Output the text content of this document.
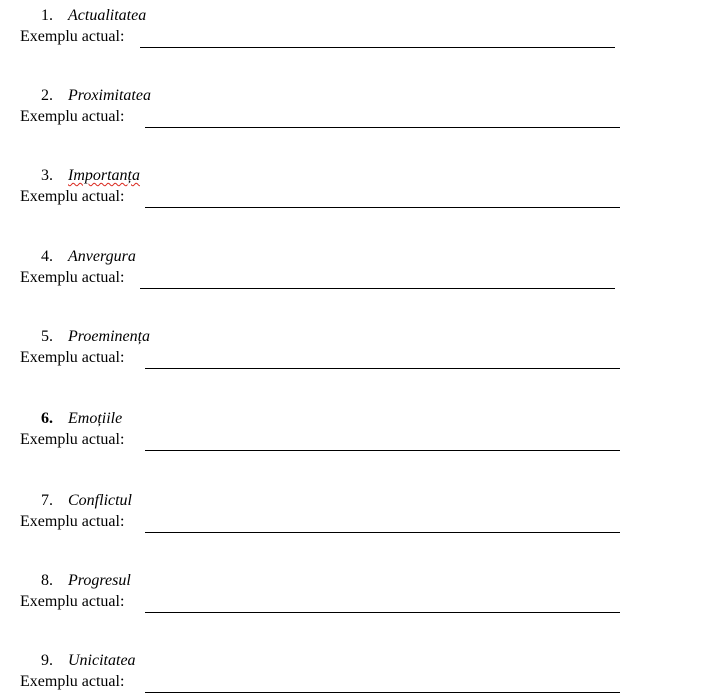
1. Actualitatea
Exemplu actual:
2. Proximitatea
Exemplu actual:
3. Importanța
Exemplu actual:
4. Anvergura
Exemplu actual:
5. Proeminența
Exemplu actual:
6. Emoțiile
Exemplu actual:
7. Conflictul
Exemplu actual:
8. Progresul
Exemplu actual:
9. Unicitatea
Exemplu actual:
